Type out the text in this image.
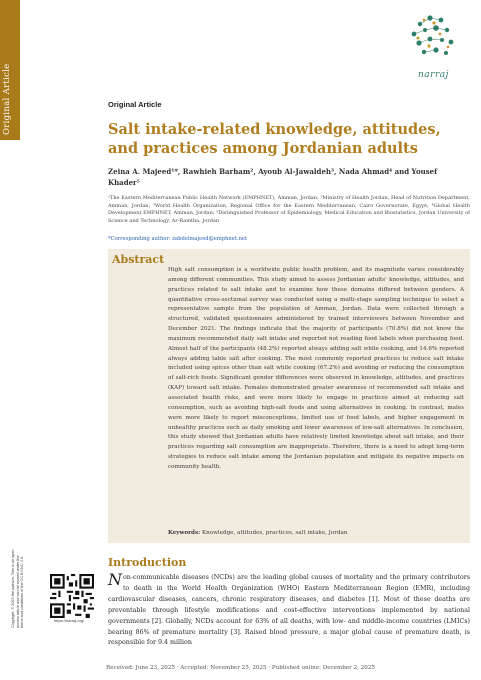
Original Article	narraj
Original Article
Salt intake-related knowledge, attitudes, and practices among Jordanian adults
Zeina A. Majeed¹*, Rawhieh Barham², Ayoub Al-Jawaldeh³, Nada Ahmad⁴ and Yousef Khader⁵
¹The Eastern Mediterranean Public Health Network (EMPHNET), Amman, Jordan; ²Ministry of Health Jordan, Head of Nutrition Department, Amman, Jordan; ³World Health Organization, Regional Office for the Eastern Mediterranean, Cairo Governorate, Egypt; ⁴Global Health Development EMPHNET, Amman, Jordan; ⁵Distinguished Professor of Epidemiology, Medical Education and Biostatistics, Jordan University of Science and Technology, Ar-Ramtha, Jordan
*Corresponding author: zabdelmajeed@emphnet.net
Abstract

High salt consumption is a worldwide public health problem, and its magnitude varies considerably among different communities. This study aimed to assess Jordanian adults' knowledge, attitudes, and practices related to salt intake and to examine how these domains differed between genders. A quantitative cross-sectional survey was conducted using a multi-stage sampling technique to select a representative sample from the population of Amman, Jordan. Data were collected through a structured, validated questionnaire administered by trained interviewers between November and December 2021. The findings indicate that the majority of participants (70.8%) did not know the maximum recommended daily salt intake and reported not reading food labels when purchasing food. Almost half of the participants (48.2%) reported always adding salt while cooking, and 14.6% reported always adding table salt after cooking. The most commonly reported practices to reduce salt intake included using spices other than salt while cooking (67.2%) and avoiding or reducing the consumption of salt-rich foods. Significant gender differences were observed in knowledge, attitudes, and practices (KAP) toward salt intake. Females demonstrated greater awareness of recommended salt intake and associated health risks, and were more likely to engage in practices aimed at reducing salt consumption, such as avoiding high-salt foods and using alternatives in cooking. In contrast, males were more likely to report misconceptions, limited use of food labels, and higher engagement in unhealthy practices such as daily smoking and lower awareness of low-salt alternatives. In conclusion, this study showed that Jordanian adults have relatively limited knowledge about salt intake, and their practices regarding salt consumption are inappropriate. Therefore, there is a need to adopt long-term strategies to reduce salt intake among the Jordanian population and mitigate its negative impacts on community health.

Keywords: Knowledge, attitudes, practices, salt intake, Jordan
Introduction

Non-communicable diseases (NCDs) are the leading global causes of mortality and the primary contributors to death in the World Health Organization (WHO) Eastern Mediterranean Region (EMR), including cardiovascular diseases, cancers, chronic respiratory diseases, and diabetes [1]. Most of these deaths are preventable through lifestyle modifications and cost-effective interventions implemented by national governments [2]. Globally, NCDs account for 63% of all deaths, with low- and middle-income countries (LMICs) bearing 86% of premature mortality [3]. Raised blood pressure, a major global cause of premature death, is responsible for 9.4 million

Copyright: © 2025 the authors. This is an open access article and can be reused under the terms and conditions of the CC BY-NC 4.0.	https://narraj.org/
Received: June 23, 2025 · Accepted: November 25, 2025 · Published online: December 2, 2025
